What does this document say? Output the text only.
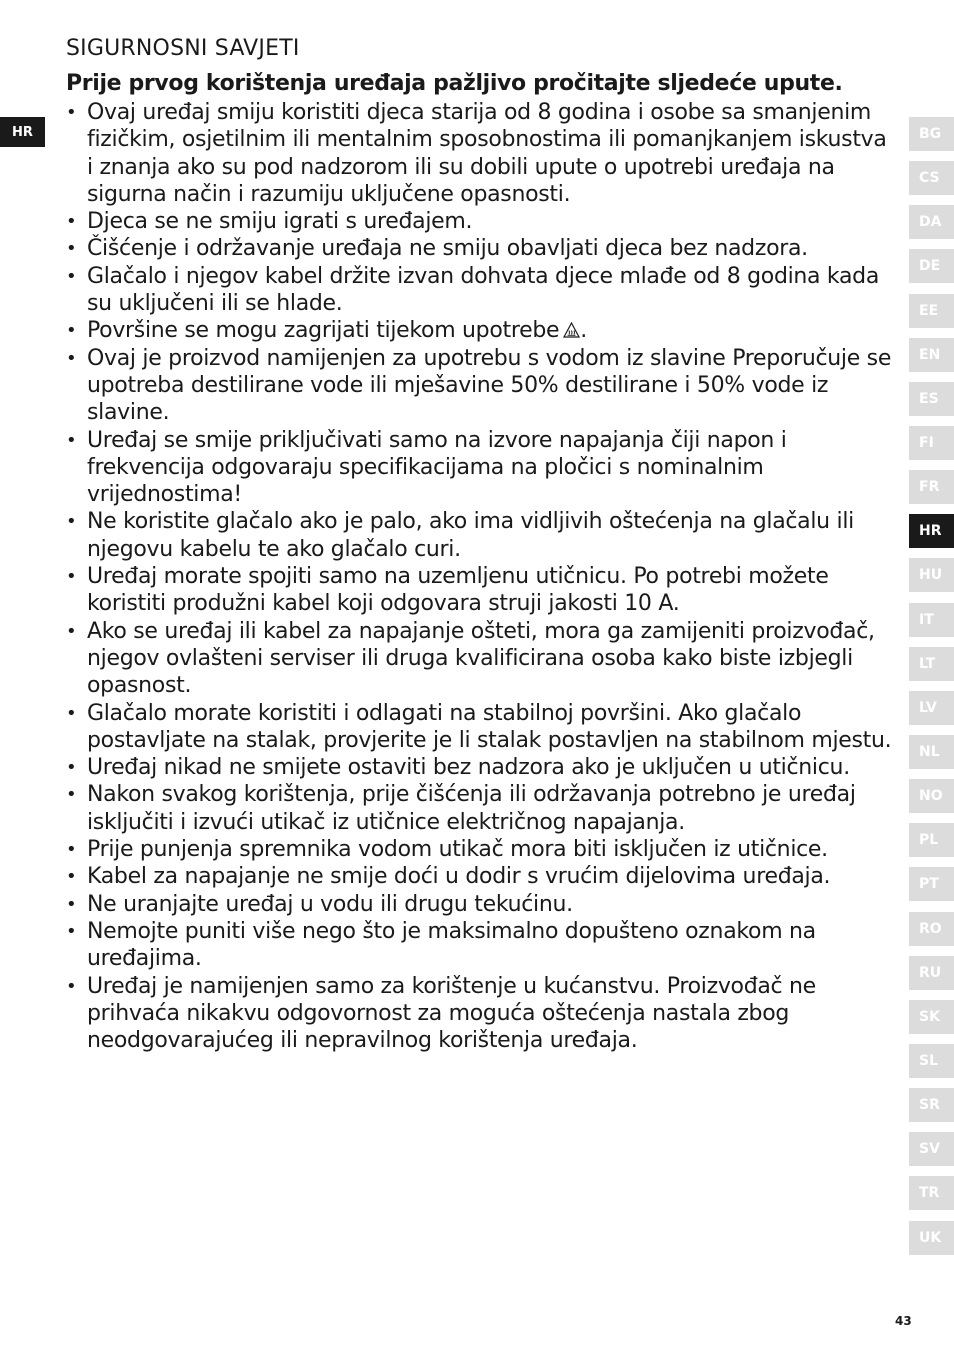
HR
SIGURNOSNI SAVJETI
Prije prvog korištenja uređaja pažljivo pročitajte sljedeće upute.
• Ovaj uređaj smiju koristiti djeca starija od 8 godina i osobe sa smanjenim fizičkim, osjetilnim ili mentalnim sposobnostima ili pomanjkanjem iskustva i znanja ako su pod nadzorom ili su dobili upute o upotrebi uređaja na sigurna način i razumiju uključene opasnosti.
• Djeca se ne smiju igrati s uređajem.
• Čišćenje i održavanje uređaja ne smiju obavljati djeca bez nadzora.
• Glačalo i njegov kabel držite izvan dohvata djece mlađe od 8 godina kada su uključeni ili se hlade.
• Površine se mogu zagrijati tijekom upotrebe .
• Ovaj je proizvod namijenjen za upotrebu s vodom iz slavine Preporučuje se upotreba destilirane vode ili mješavine 50% destilirane i 50% vode iz slavine.
• Uređaj se smije priključivati samo na izvore napajanja čiji napon i frekvencija odgovaraju specifikacijama na pločici s nominalnim vrijednostima!
• Ne koristite glačalo ako je palo, ako ima vidljivih oštećenja na glačalu ili njegovu kabelu te ako glačalo curi.
• Uređaj morate spojiti samo na uzemljenu utičnicu. Po potrebi možete koristiti produžni kabel koji odgovara struji jakosti 10 A.
• Ako se uređaj ili kabel za napajanje ošteti, mora ga zamijeniti proizvođač, njegov ovlašteni serviser ili druga kvalificirana osoba kako biste izbjegli opasnost.
• Glačalo morate koristiti i odlagati na stabilnoj površini. Ako glačalo postavljate na stalak, provjerite je li stalak postavljen na stabilnom mjestu.
• Uređaj nikad ne smijete ostaviti bez nadzora ako je uključen u utičnicu.
• Nakon svakog korištenja, prije čišćenja ili održavanja potrebno je uređaj isključiti i izvući utikač iz utičnice električnog napajanja.
• Prije punjenja spremnika vodom utikač mora biti isključen iz utičnice.
• Kabel za napajanje ne smije doći u dodir s vrućim dijelovima uređaja.
• Ne uranjajte uređaj u vodu ili drugu tekućinu.
• Nemojte puniti više nego što je maksimalno dopušteno oznakom na uređajima.
• Uređaj je namijenjen samo za korištenje u kućanstvu. Proizvođač ne prihvaća nikakvu odgovornost za moguća oštećenja nastala zbog neodgovarajućeg ili nepravilnog korištenja uređaja.
BG
CS
DA
DE
EE
EN
ES
FI
FR
HR
HU
IT
LT
LV
NL
NO
PL
PT
RO
RU
SK
SL
SR
SV
TR
UK
43
